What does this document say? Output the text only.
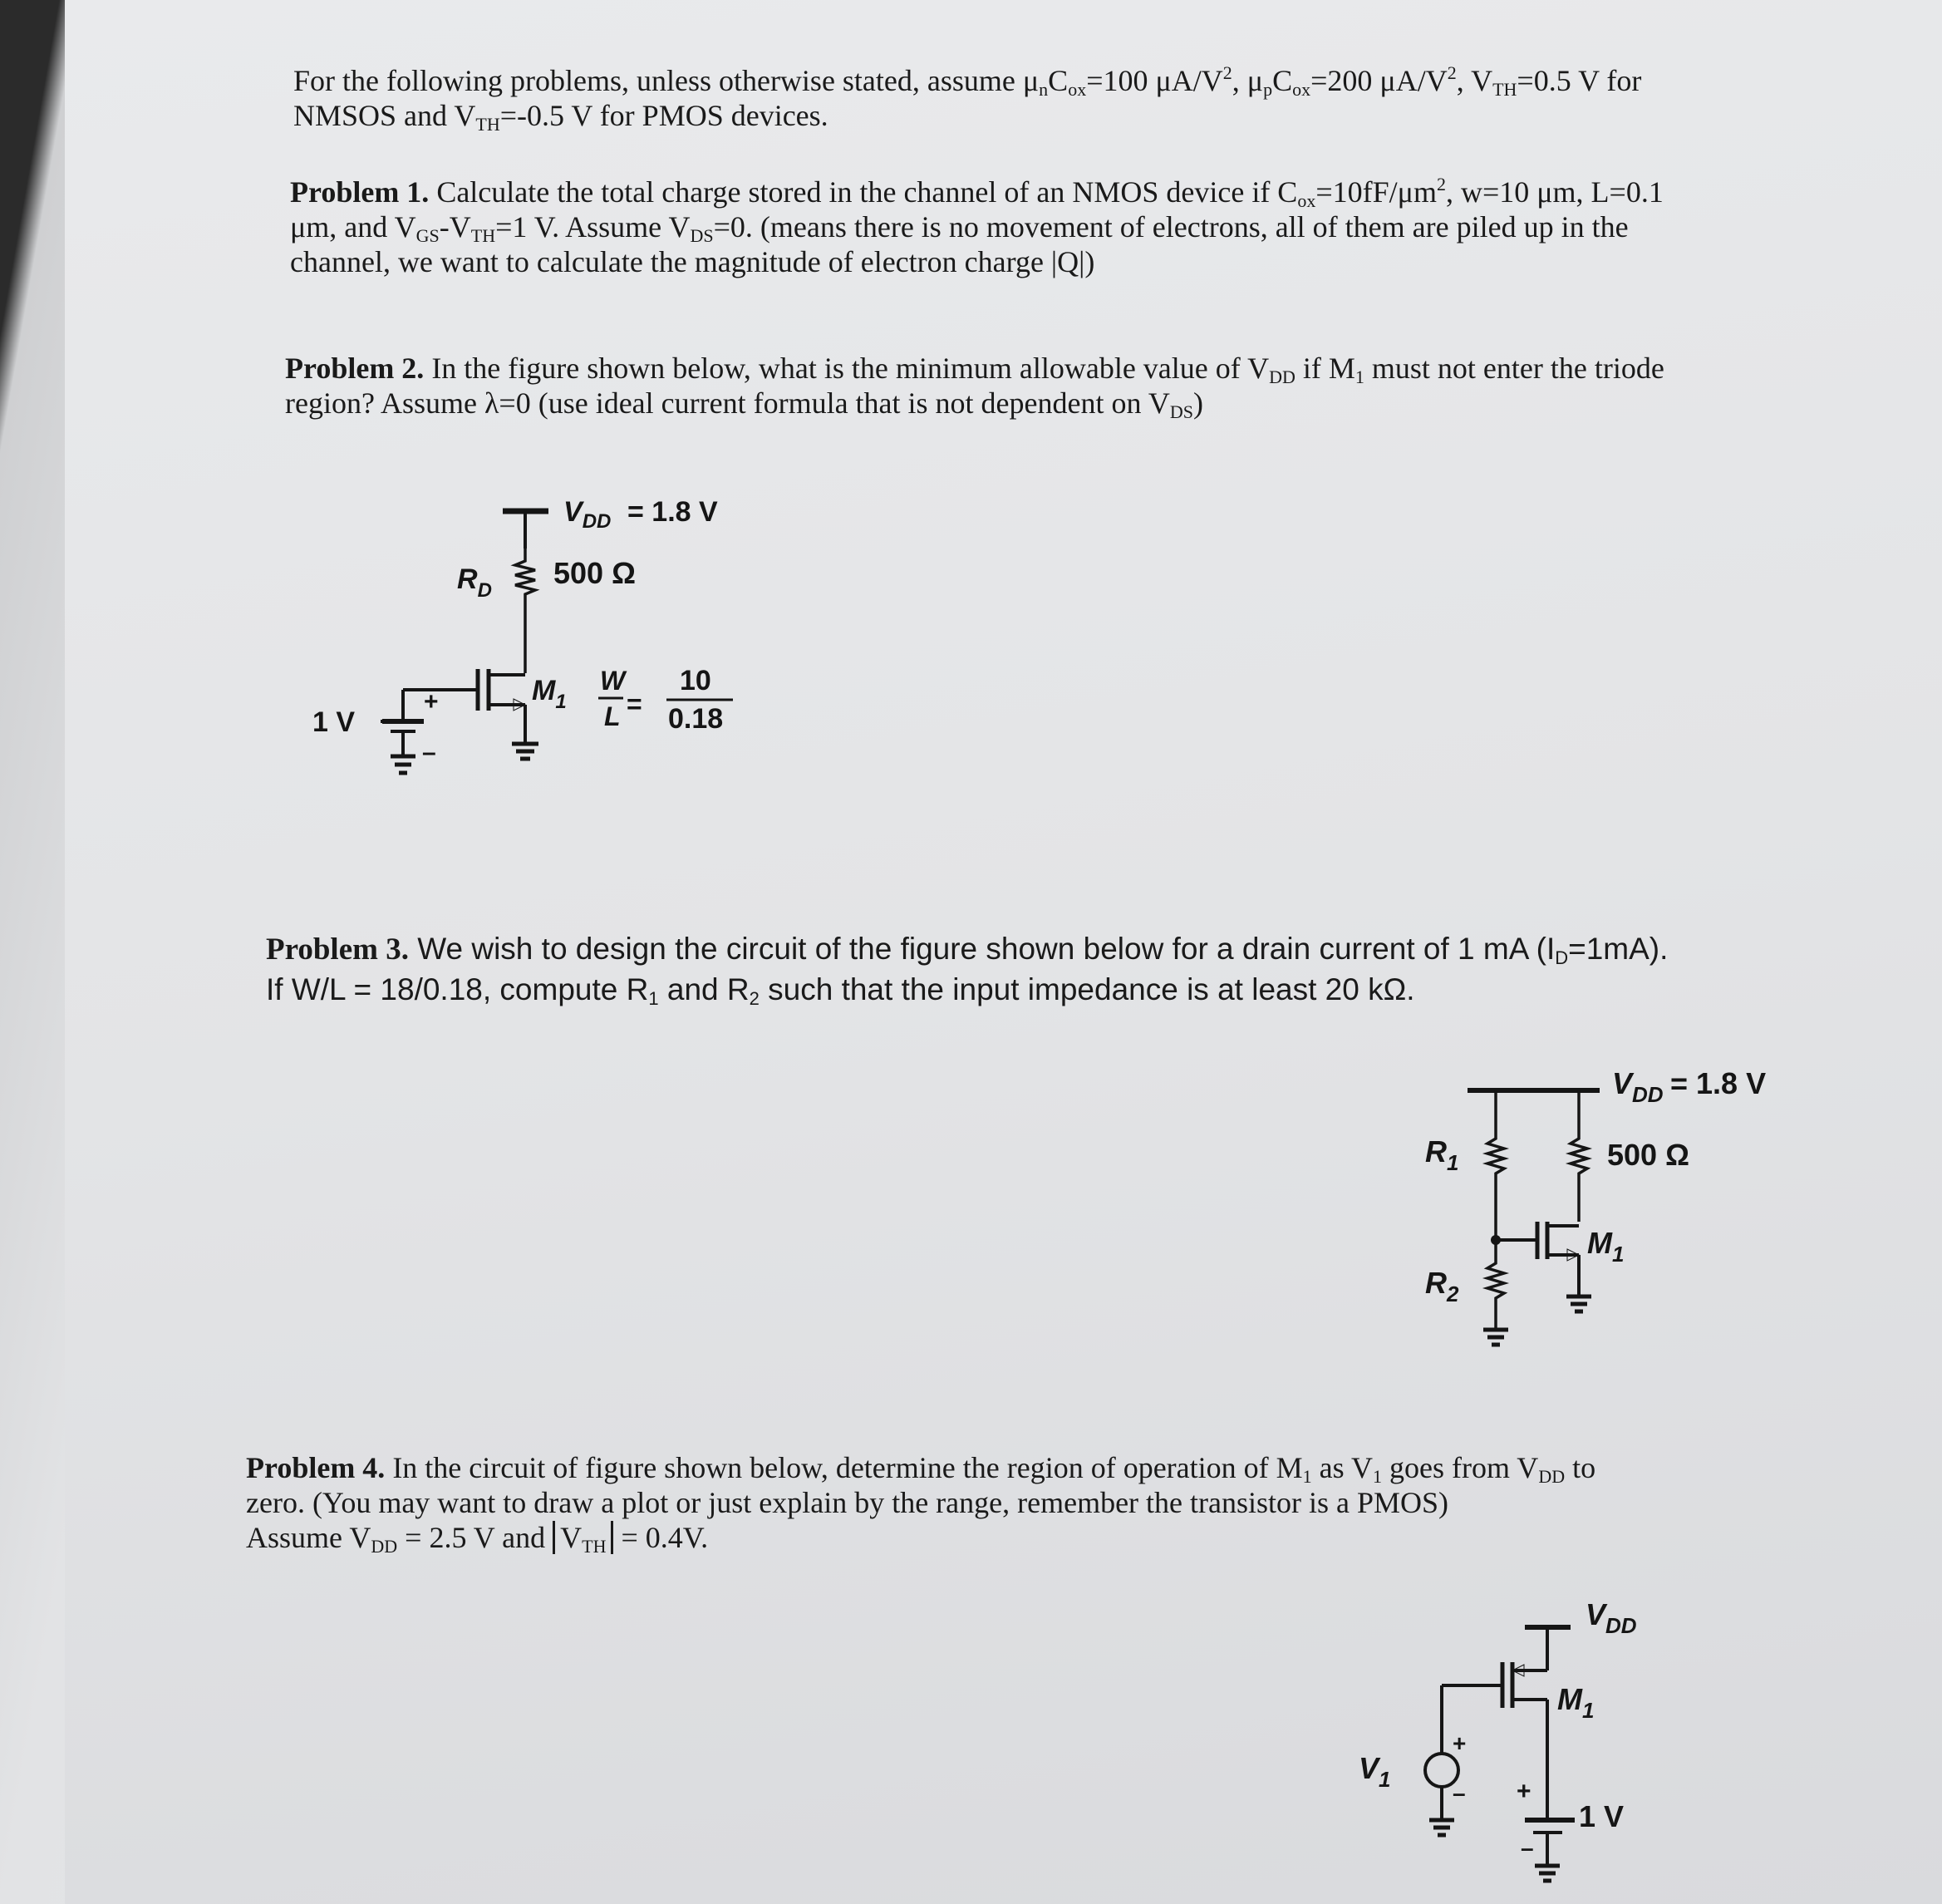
For the following problems, unless otherwise stated, assume $\mu_nC_{ox}=100$ $\mu A/V^2$, $\mu_pC_{ox}=200$ $\mu A/V^2$, $V_{TH}=0.5$ V for
NMSOS and $V_{TH}=-0.5$ V for PMOS devices.
Problem 1. Calculate the total charge stored in the channel of an NMOS device if $C_{ox}=10fF/\mu m^2$, w=10 μm, L=0.1
μm, and $V_{GS}-V_{TH}=1$ V. Assume $V_{DS}=0$. (means there is no movement of electrons, all of them are piled up in the
channel, we want to calculate the magnitude of electron charge |Q|)
Problem 2. In the figure shown below, what is the minimum allowable value of $V_{DD}$ if $M_1$ must not enter the triode
region? Assume λ=0 (use ideal current formula that is not dependent on $V_{DS}$)
$V_{DD} = 1.8$ V
$R_D$
500 Ω
$M_1$
W
L =
10
0.18
1 V
+
–
Problem 3. We wish to design the circuit of the figure shown below for a drain current of 1 mA $(I_D=1mA)$.
If W/L = 18/0.18, compute $R_1$ and $R_2$ such that the input impedance is at least 20 kΩ.
$V_{DD} = 1.8$ V
$R_1$	500 Ω
$M_1$
$R_2$
Problem 4. In the circuit of figure shown below, determine the region of operation of $M_1$ as $V_1$ goes from $V_{DD}$ to
zero. (You may want to draw a plot or just explain by the range, remember the transistor is a PMOS)
Assume $V_{DD} = 2.5$ V and $V_{TH} = 0.4V$.
$V_{DD}$
$M_1$
+
–
$V_1$	+
–
1 V
